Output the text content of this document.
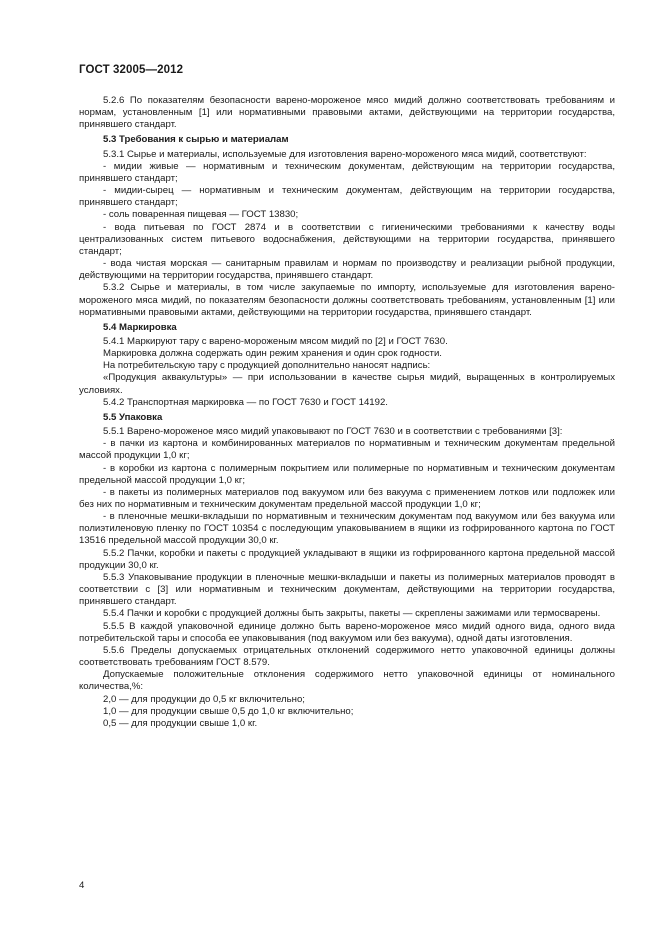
ГОСТ 32005—2012

5.2.6 По показателям безопасности варено-мороженое мясо мидий должно соответствовать требованиям и нормам, установленным [1] или нормативными правовыми актами, действующими на территории государства, принявшего стандарт.

5.3 Требования к сырью и материалам

5.3.1 Сырье и материалы, используемые для изготовления варено-мороженого мяса мидий, соответствуют:

- мидии живые — нормативным и техническим документам, действующим на территории государства, принявшего стандарт;

- мидии-сырец — нормативным и техническим документам, действующим на территории государства, принявшего стандарт;

- соль поваренная пищевая — ГОСТ 13830;

- вода питьевая по ГОСТ 2874 и в соответствии с гигиеническими требованиями к качеству воды централизованных систем питьевого водоснабжения, действующими на территории государства, принявшего стандарт;

- вода чистая морская — санитарным правилам и нормам по производству и реализации рыбной продукции, действующими на территории государства, принявшего стандарт.

5.3.2 Сырье и материалы, в том числе закупаемые по импорту, используемые для изготовления варено-мороженого мяса мидий, по показателям безопасности должны соответствовать требованиям, установленным [1] или нормативными правовыми актами, действующими на территории государства, принявшего стандарт.

5.4 Маркировка

5.4.1 Маркируют тару с варено-мороженым мясом мидий по [2] и ГОСТ 7630.

Маркировка должна содержать один режим хранения и один срок годности.

На потребительскую тару с продукцией дополнительно наносят надпись:

«Продукция аквакультуры» — при использовании в качестве сырья мидий, выращенных в контролируемых условиях.

5.4.2 Транспортная маркировка — по ГОСТ 7630 и ГОСТ 14192.

5.5 Упаковка

5.5.1 Варено-мороженое мясо мидий упаковывают по ГОСТ 7630 и в соответствии с требованиями [3]:

- в пачки из картона и комбинированных материалов по нормативным и техническим документам предельной массой продукции 1,0 кг;

- в коробки из картона с полимерным покрытием или полимерные по нормативным и техническим документам предельной массой продукции 1,0 кг;

- в пакеты из полимерных материалов под вакуумом или без вакуума с применением лотков или подложек или без них по нормативным и техническим документам предельной массой продукции 1,0 кг;

- в пленочные мешки-вкладыши по нормативным и техническим документам под вакуумом или без вакуума или полиэтиленовую пленку по ГОСТ 10354 с последующим упаковыванием в ящики из гофрированного картона по ГОСТ 13516 предельной массой продукции 30,0 кг.

5.5.2 Пачки, коробки и пакеты с продукцией укладывают в ящики из гофрированного картона предельной массой продукции 30,0 кг.

5.5.3 Упаковывание продукции в пленочные мешки-вкладыши и пакеты из полимерных материалов проводят в соответствии с [3] или нормативным и техническим документам, действующими на территории государства, принявшего стандарт.

5.5.4 Пачки и коробки с продукцией должны быть закрыты, пакеты — скреплены зажимами или термосварены.

5.5.5 В каждой упаковочной единице должно быть варено-мороженое мясо мидий одного вида, одного вида потребительской тары и способа ее упаковывания (под вакуумом или без вакуума), одной даты изготовления.

5.5.6 Пределы допускаемых отрицательных отклонений содержимого нетто упаковочной единицы должны соответствовать требованиям ГОСТ 8.579.

Допускаемые положительные отклонения содержимого нетто упаковочной единицы от номинального количества,%:

2,0 — для продукции до 0,5 кг включительно;

1,0 — для продукции свыше 0,5 до 1,0 кг включительно;

0,5 — для продукции свыше 1,0 кг.

4
